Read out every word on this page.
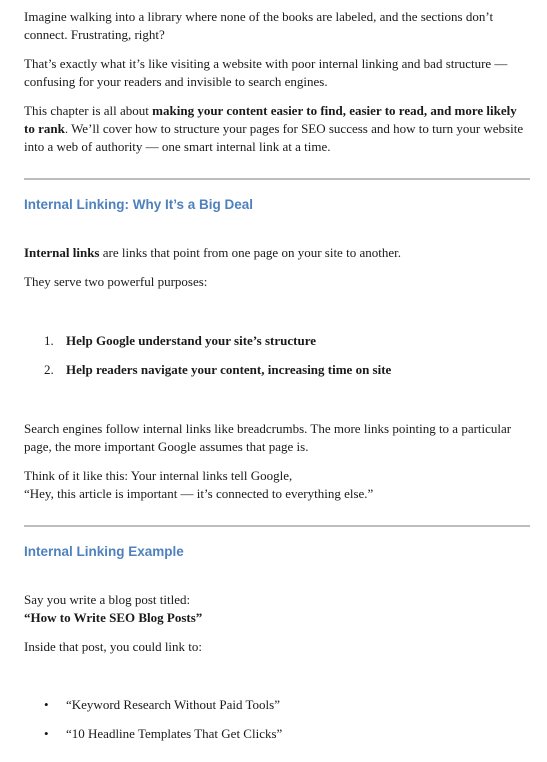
Imagine walking into a library where none of the books are labeled, and the sections don’t connect. Frustrating, right?

That’s exactly what it’s like visiting a website with poor internal linking and bad structure — confusing for your readers and invisible to search engines.

This chapter is all about making your content easier to find, easier to read, and more likely to rank. We’ll cover how to structure your pages for SEO success and how to turn your website into a web of authority — one smart internal link at a time.

Internal Linking: Why It’s a Big Deal

Internal links are links that point from one page on your site to another.

They serve two powerful purposes:

1. Help Google understand your site’s structure
2. Help readers navigate your content, increasing time on site

Search engines follow internal links like breadcrumbs. The more links pointing to a particular page, the more important Google assumes that page is.

Think of it like this: Your internal links tell Google,
“Hey, this article is important — it’s connected to everything else.”

Internal Linking Example

Say you write a blog post titled:
“How to Write SEO Blog Posts”

Inside that post, you could link to:

• “Keyword Research Without Paid Tools”
• “10 Headline Templates That Get Clicks”
